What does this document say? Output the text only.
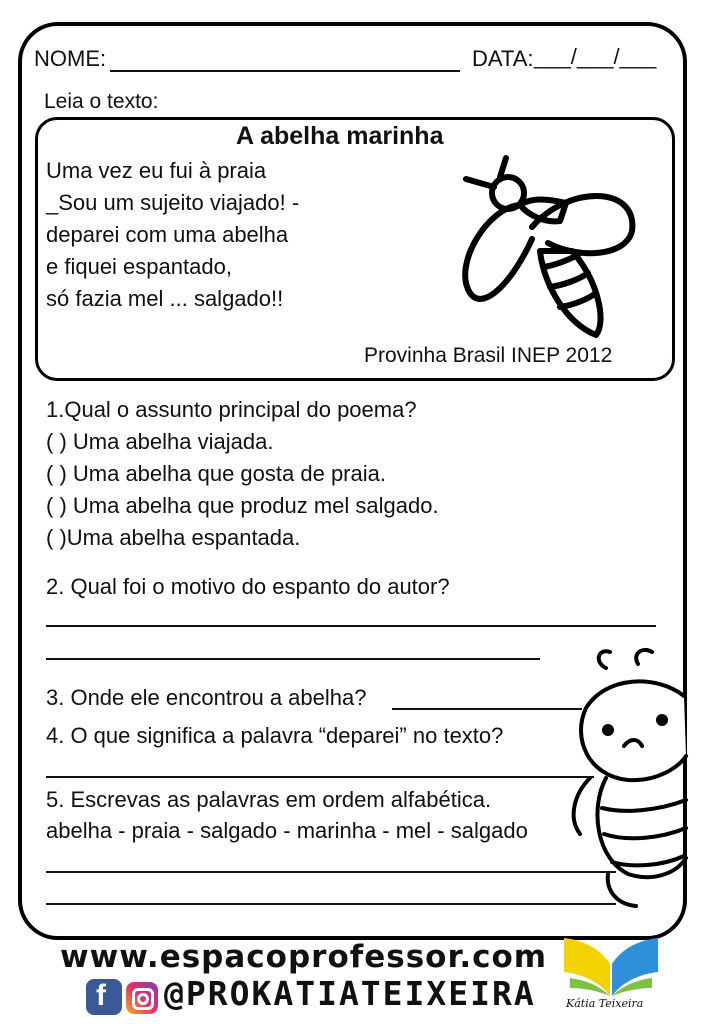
NOME:	DATA: ___/___/___
Leia o texto:
A abelha marinha
Uma vez eu fui à praia
_Sou um sujeito viajado! -
deparei com uma abelha
e fiquei espantado,
só fazia mel ... salgado!!
Provinha Brasil INEP 2012
1.Qual o assunto principal do poema?
( ) Uma abelha viajada.
( ) Uma abelha que gosta de praia.
( ) Uma abelha que produz mel salgado.
( )Uma abelha espantada.
2. Qual foi o motivo do espanto do autor?
3. Onde ele encontrou a abelha?
4. O que significa a palavra “deparei” no texto?
5. Escrevas as palavras em ordem alfabética.
abelha - praia - salgado - marinha - mel - salgado
www.espacoprofessor.com
f @PROKATIATEIXEIRA	Kátia Teixeira
